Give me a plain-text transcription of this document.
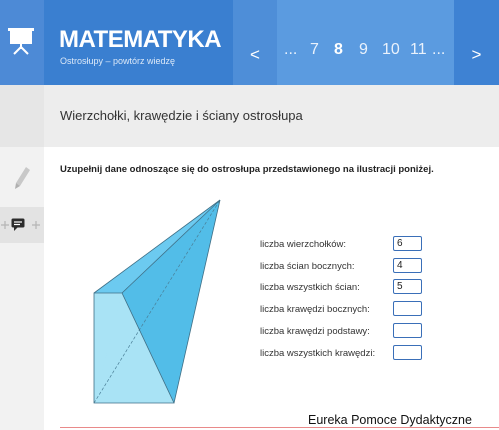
MATEMATYKA
Ostrosłupy – powtórz wiedzę	<	... 7 8 9 10 11 ...	>
Wierzchołki, krawędzie i ściany ostrosłupa
Uzupełnij dane odnoszące się do ostrosłupa przedstawionego na ilustracji poniżej.
liczba wierzchołków:
6
liczba ścian bocznych:
4
liczba wszystkich ścian:
5
liczba krawędzi bocznych:
liczba krawędzi podstawy:
liczba wszystkich krawędzi:
Eureka Pomoce Dydaktyczne
